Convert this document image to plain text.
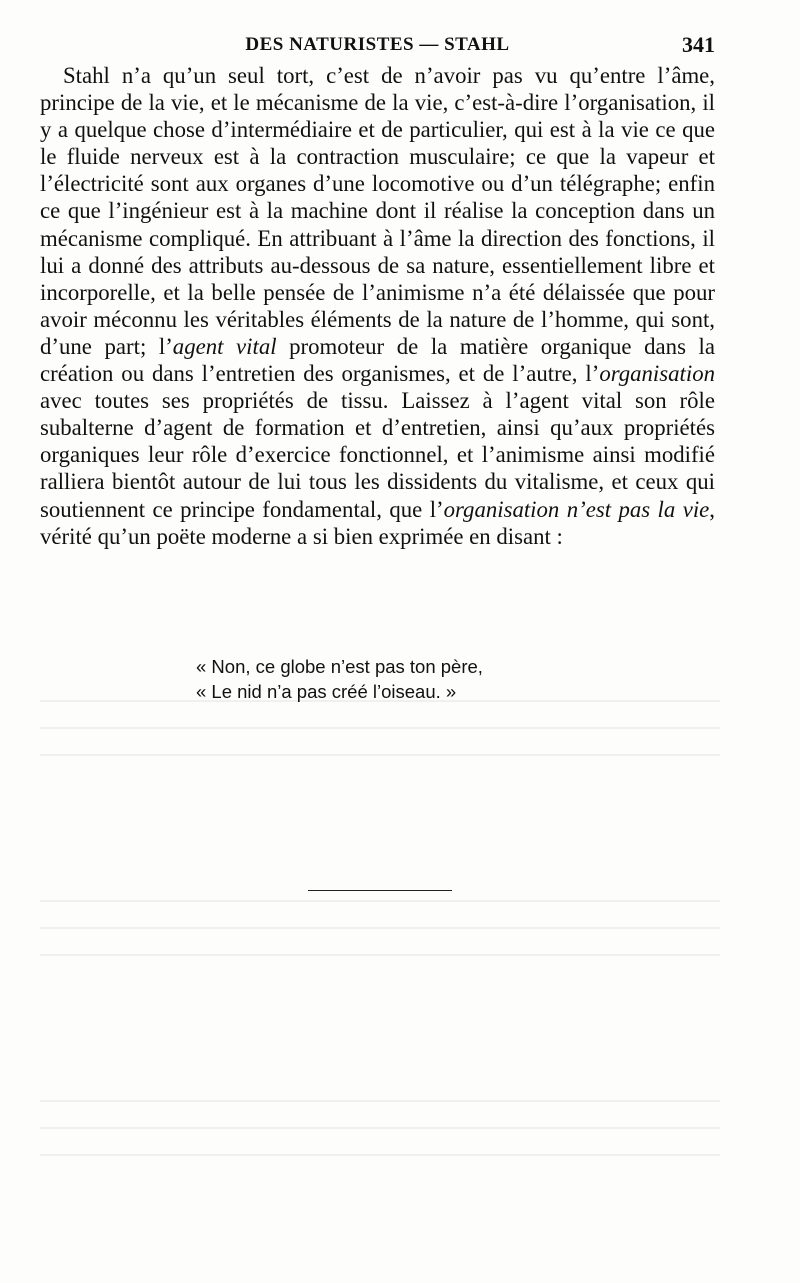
DES NATURISTES — STAHL	341

Stahl n’a qu’un seul tort, c’est de n’avoir pas vu qu’entre l’âme, principe de la vie, et le mécanisme de la vie, c’est-à-dire l’organisation, il y a quelque chose d’intermédiaire et de particulier, qui est à la vie ce que le fluide nerveux est à la contraction musculaire; ce que la vapeur et l’électricité sont aux organes d’une locomotive ou d’un télégraphe; enfin ce que l’ingénieur est à la machine dont il réalise la conception dans un mécanisme compliqué. En attribuant à l’âme la direction des fonctions, il lui a donné des attributs au-dessous de sa nature, essentiellement libre et incorporelle, et la belle pensée de l’animisme n’a été délaissée que pour avoir méconnu les véritables éléments de la nature de l’homme, qui sont, d’une part; l’agent vital promoteur de la matière organique dans la création ou dans l’entretien des organismes, et de l’autre, l’organisation avec toutes ses propriétés de tissu. Laissez à l’agent vital son rôle subalterne d’agent de formation et d’entretien, ainsi qu’aux propriétés organiques leur rôle d’exercice fonctionnel, et l’animisme ainsi modifié ralliera bientôt autour de lui tous les dissidents du vitalisme, et ceux qui soutiennent ce principe fondamental, que l’organisation n’est pas la vie, vérité qu’un poëte moderne a si bien exprimée en disant :

« Non, ce globe n’est pas ton père,
« Le nid n’a pas créé l’oiseau. »
